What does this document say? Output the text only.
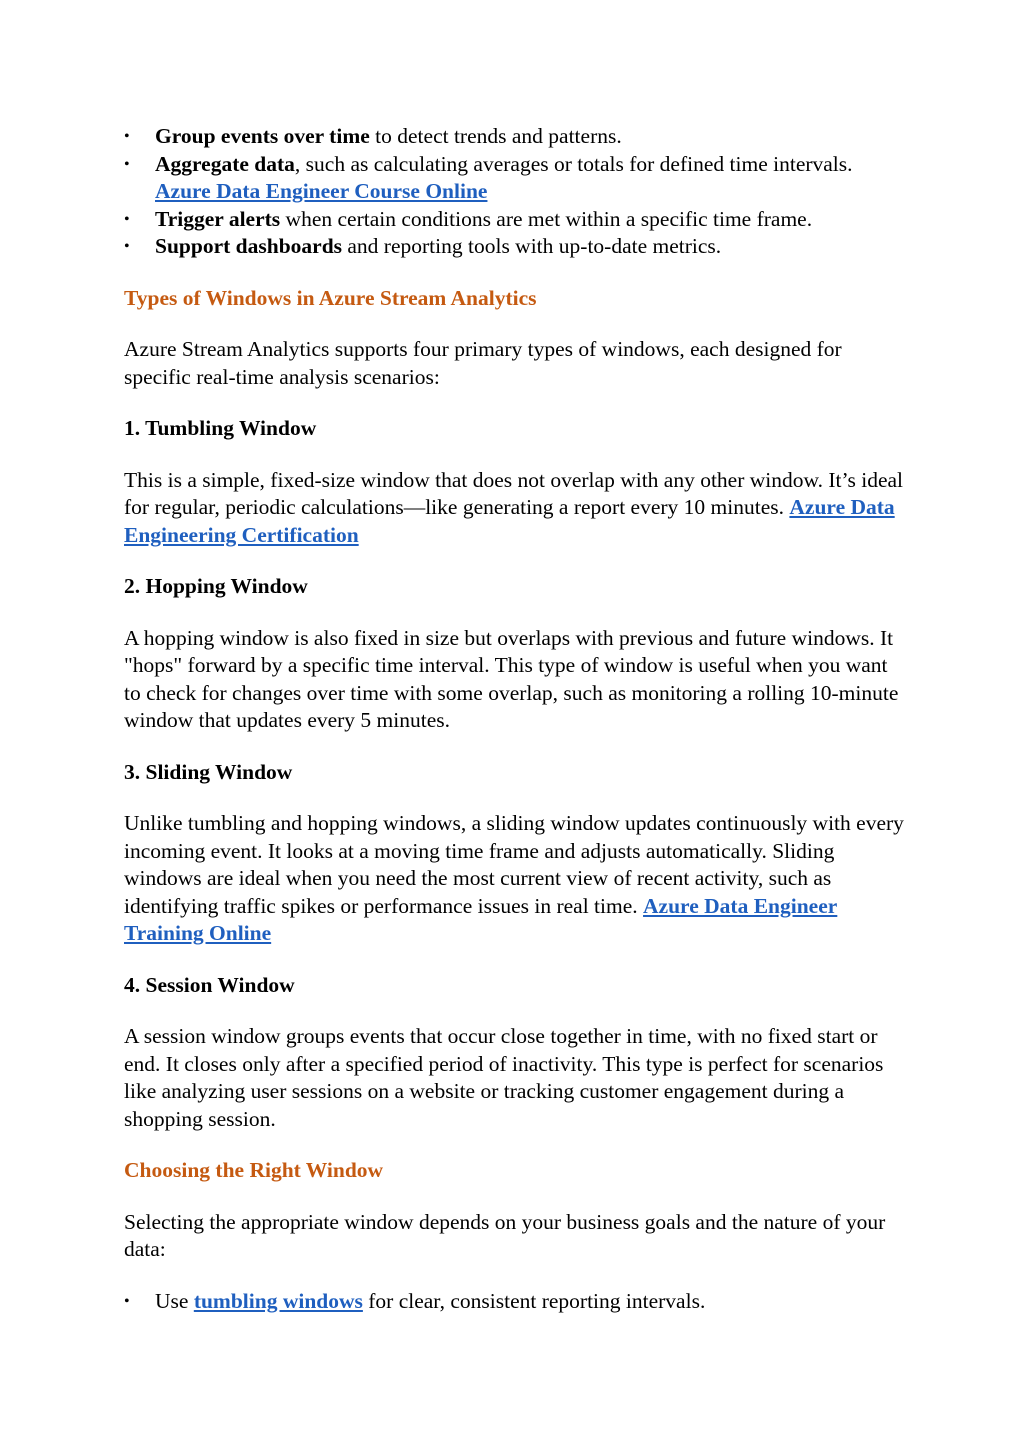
• Group events over time to detect trends and patterns.
• Aggregate data, such as calculating averages or totals for defined time intervals. Azure Data Engineer Course Online
• Trigger alerts when certain conditions are met within a specific time frame.
• Support dashboards and reporting tools with up-to-date metrics.
Types of Windows in Azure Stream Analytics

Azure Stream Analytics supports four primary types of windows, each designed for specific real-time analysis scenarios:

1. Tumbling Window

This is a simple, fixed-size window that does not overlap with any other window. It’s ideal for regular, periodic calculations—like generating a report every 10 minutes. Azure Data Engineering Certification

2. Hopping Window

A hopping window is also fixed in size but overlaps with previous and future windows. It "hops" forward by a specific time interval. This type of window is useful when you want to check for changes over time with some overlap, such as monitoring a rolling 10-minute window that updates every 5 minutes.

3. Sliding Window

Unlike tumbling and hopping windows, a sliding window updates continuously with every incoming event. It looks at a moving time frame and adjusts automatically. Sliding windows are ideal when you need the most current view of recent activity, such as identifying traffic spikes or performance issues in real time. Azure Data Engineer Training Online

4. Session Window

A session window groups events that occur close together in time, with no fixed start or end. It closes only after a specified period of inactivity. This type is perfect for scenarios like analyzing user sessions on a website or tracking customer engagement during a shopping session.

Choosing the Right Window

Selecting the appropriate window depends on your business goals and the nature of your data:

• Use tumbling windows for clear, consistent reporting intervals.
